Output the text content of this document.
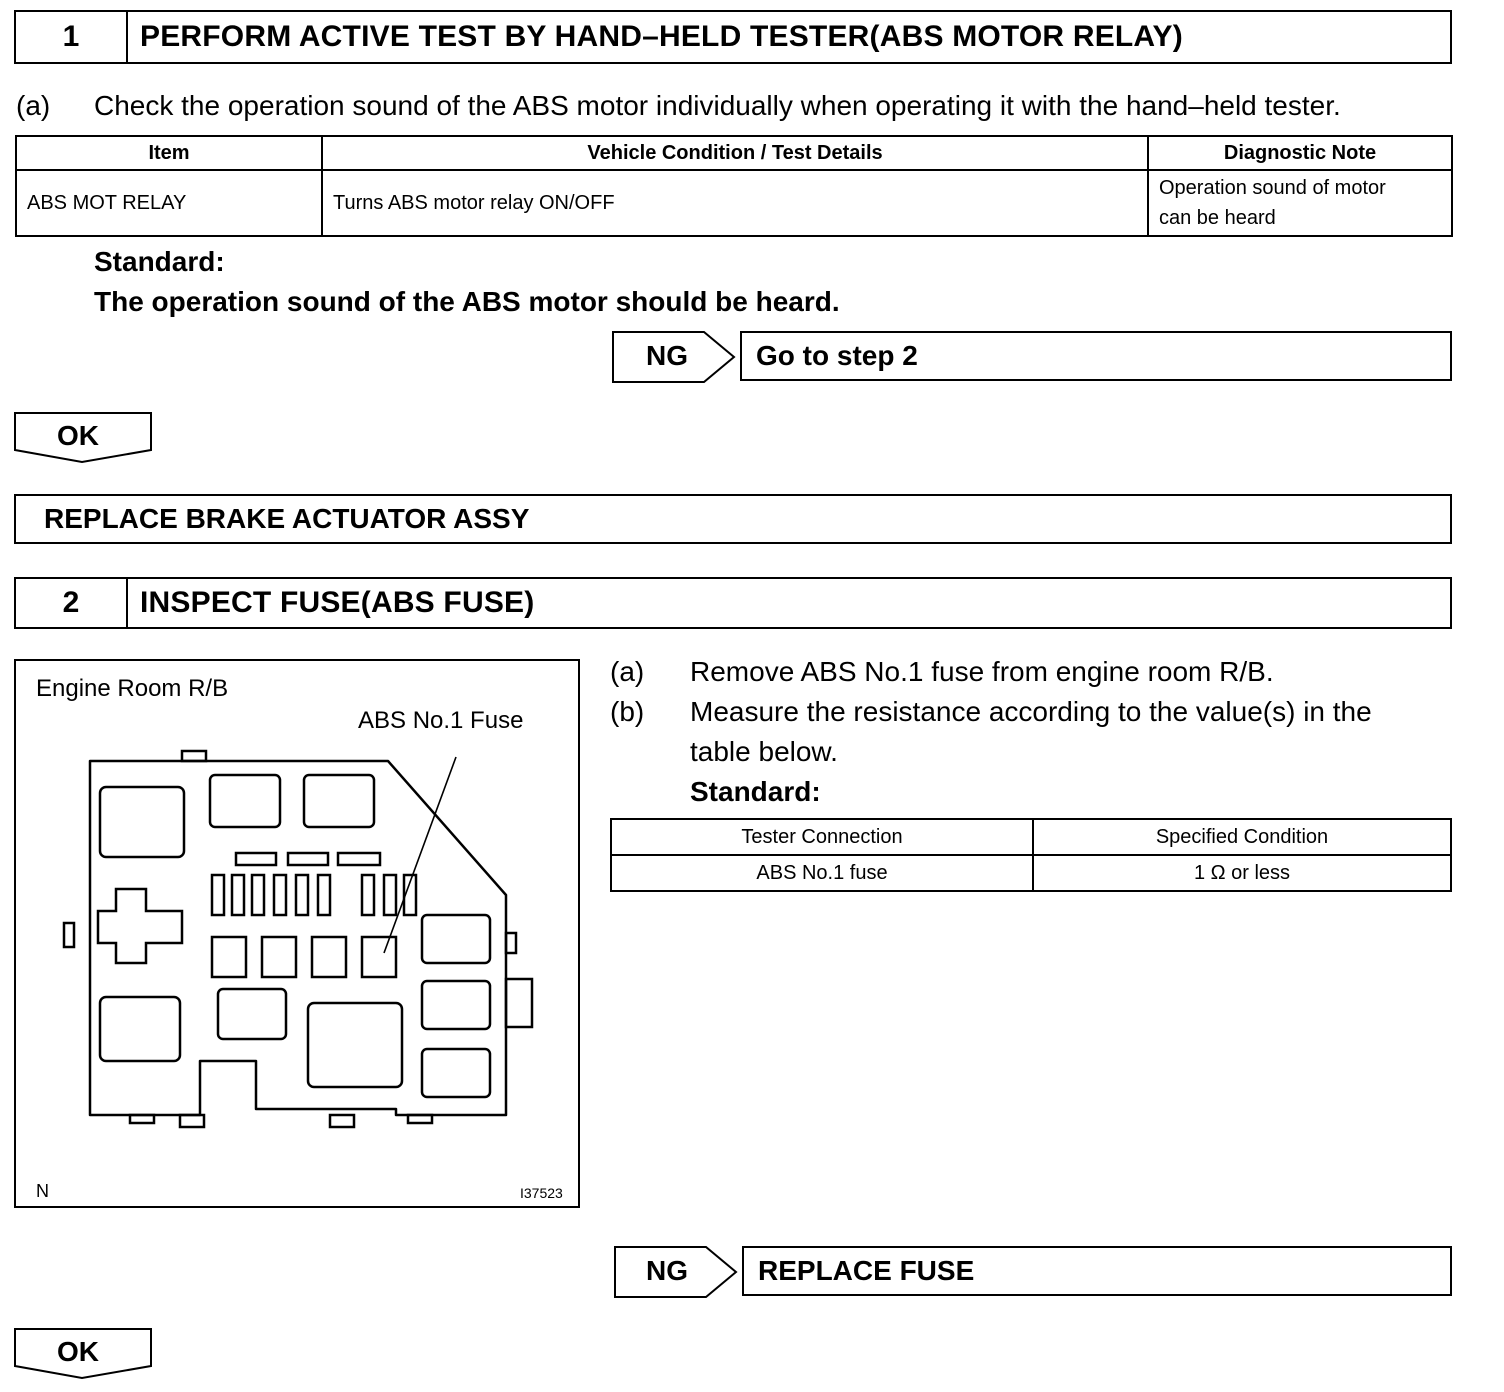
1	PERFORM ACTIVE TEST BY HAND–HELD TESTER(ABS MOTOR RELAY)
(a) Check the operation sound of the ABS motor individually when operating it with the hand–held tester.
Item	Vehicle Condition / Test Details	Diagnostic Note
ABS MOT RELAY	Turns ABS motor relay ON/OFF	Operation sound of motor
can be heard
Standard:
The operation sound of the ABS motor should be heard.
NG Go to step 2
OK
REPLACE BRAKE ACTUATOR ASSY
2	INSPECT FUSE(ABS FUSE)
Engine Room R/B
ABS No.1 Fuse
N	I37523
(a) Remove ABS No.1 fuse from engine room R/B.
(b) Measure the resistance according to the value(s) in the
table below.
Standard:
Tester Connection	Specified Condition
ABS No.1 fuse	1 Ω or less
NG	REPLACE FUSE
OK
